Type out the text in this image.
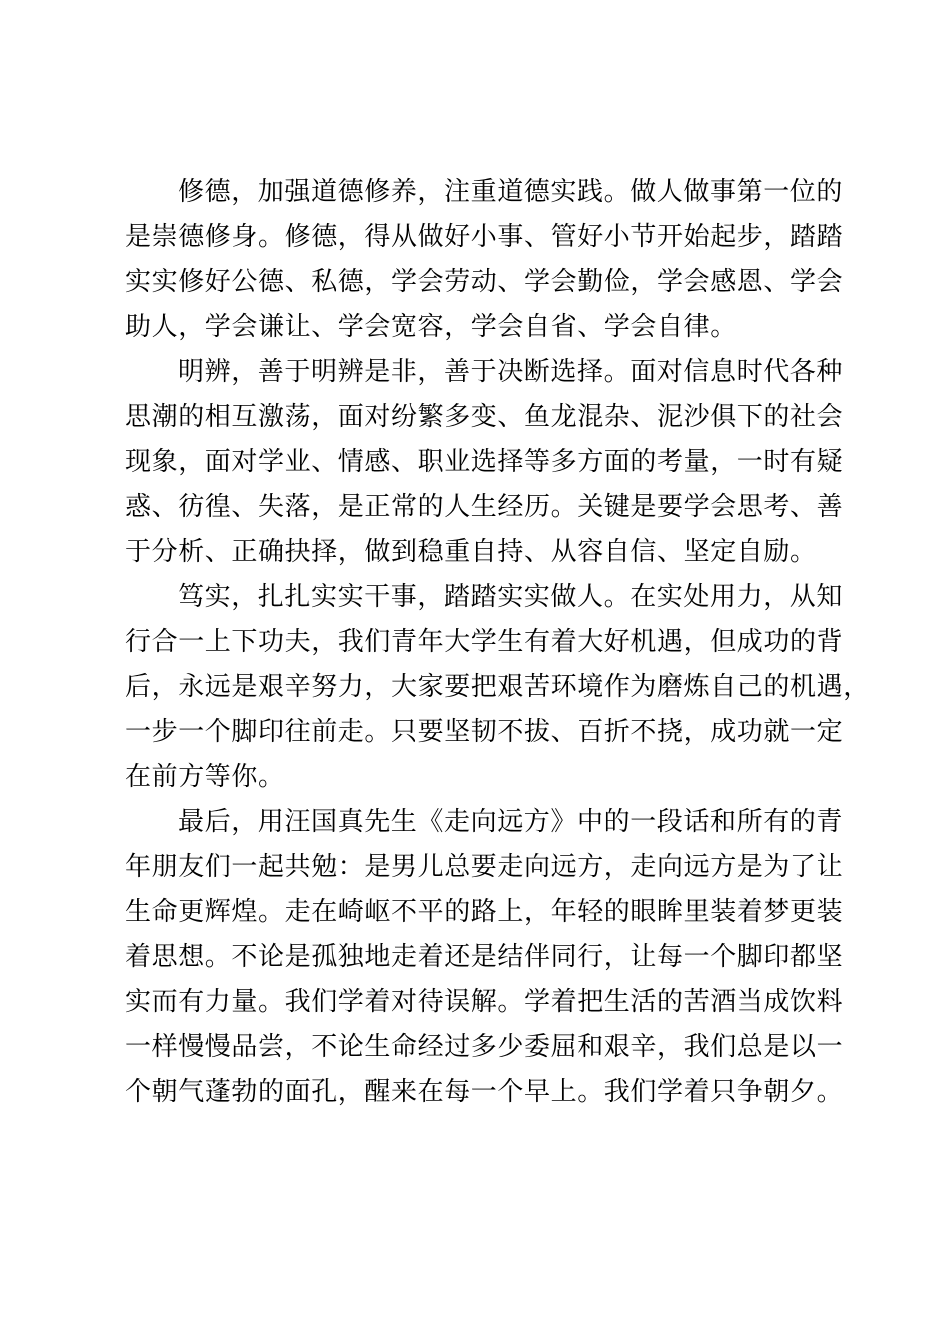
修德，加强道德修养，注重道德实践。做人做事第一位的
是崇德修身。修德，得从做好小事、管好小节开始起步，踏踏
实实修好公德、私德，学会劳动、学会勤俭，学会感恩、学会
助人，学会谦让、学会宽容，学会自省、学会自律。
明辨，善于明辨是非，善于决断选择。面对信息时代各种
思潮的相互激荡，面对纷繁多变、鱼龙混杂、泥沙俱下的社会
现象，面对学业、情感、职业选择等多方面的考量，一时有疑
惑、彷徨、失落，是正常的人生经历。关键是要学会思考、善
于分析、正确抉择，做到稳重自持、从容自信、坚定自励。
笃实，扎扎实实干事，踏踏实实做人。在实处用力，从知
行合一上下功夫，我们青年大学生有着大好机遇，但成功的背
后，永远是艰辛努力，大家要把艰苦环境作为磨炼自己的机遇，
一步一个脚印往前走。只要坚韧不拔、百折不挠，成功就一定
在前方等你。
最后，用汪国真先生《走向远方》中的一段话和所有的青
年朋友们一起共勉：是男儿总要走向远方，走向远方是为了让
生命更辉煌。走在崎岖不平的路上，年轻的眼眸里装着梦更装
着思想。不论是孤独地走着还是结伴同行，让每一个脚印都坚
实而有力量。我们学着对待误解。学着把生活的苦酒当成饮料
一样慢慢品尝，不论生命经过多少委屈和艰辛，我们总是以一
个朝气蓬勃的面孔，醒来在每一个早上。我们学着只争朝夕。
